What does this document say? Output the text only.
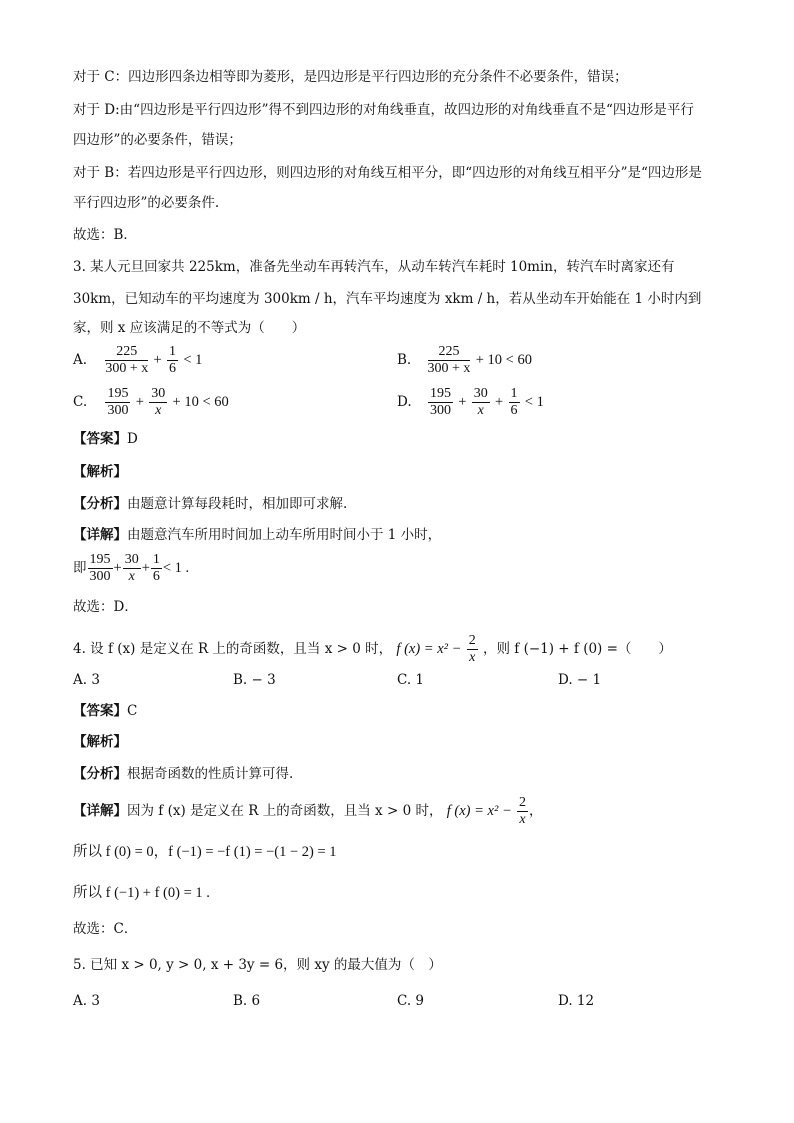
对于 C：四边形四条边相等即为菱形，是四边形是平行四边形的充分条件不必要条件，错误；
对于 D:由“四边形是平行四边形”得不到四边形的对角线垂直，故四边形的对角线垂直不是“四边形是平行
四边形”的必要条件，错误；
对于 B：若四边形是平行四边形，则四边形的对角线互相平分，即“四边形的对角线互相平分”是“四边形是
平行四边形”的必要条件.
故选：B．
3. 某人元旦回家共 225km，准备先坐动车再转汽车，从动车转汽车耗时 10min，转汽车时离家还有
30km，已知动车的平均速度为 300km / h，汽车平均速度为 xkm / h，若从坐动车开始能在 1 小时内到
家，则 x 应该满足的不等式为（　　）
A. $\frac{225}{300 + x} + \frac{1}{6} < 1$	B. $\frac{225}{300 + x} + 10 < 60$
C. $\frac{195}{300} + \frac{30}{x} + 10 < 60$	D. $\frac{195}{300} + \frac{30}{x} + \frac{1}{6} < 1$
【答案】D
【解析】
【分析】由题意计算每段耗时，相加即可求解.
【详解】由题意汽车所用时间加上动车所用时间小于 1 小时，
即 $\frac{195}{300} + \frac{30}{x} + \frac{1}{6} < 1$ .
故选：D．
4. 设 f (x) 是定义在 R 上的奇函数，且当 x > 0 时， f $(x) = x^2 - \frac{2}{x}$ ，则 f (−1) + f (0) =（　　）
A. 3	B. − 3	C. 1	D. − 1
【答案】C
【解析】
【分析】根据奇函数的性质计算可得.
【详解】因为 f (x) 是定义在 R 上的奇函数，且当 x > 0 时， f $(x) = x^2 - \frac{2}{x}$ ，
所以 f (0) = 0，f (−1) = −f (1) = −(1 − 2) = 1
所以 f (−1) + f (0) = 1 .
故选：C．
5. 已知 x > 0, y > 0, x + 3y = 6，则 xy 的最大值为（　）
A. 3	B. 6	C. 9	D. 12
